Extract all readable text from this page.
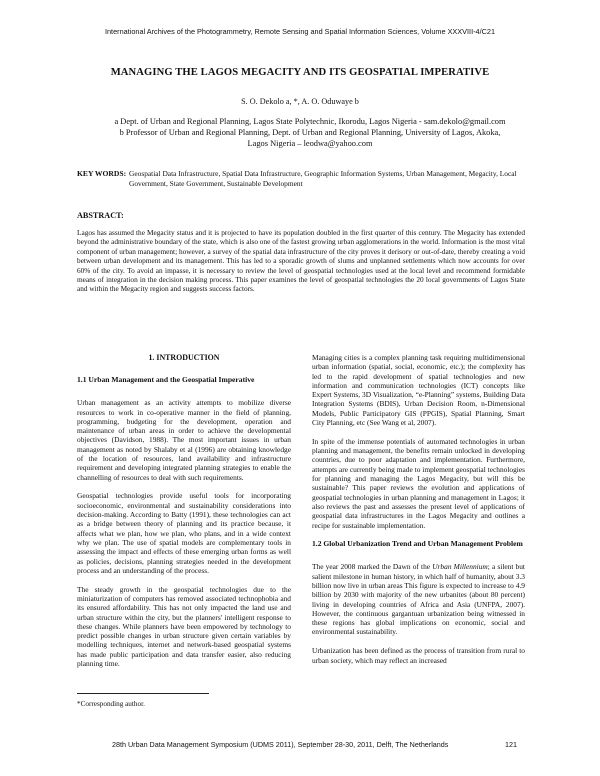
International Archives of the Photogrammetry, Remote Sensing and Spatial Information Sciences, Volume XXXVIII-4/C21
MANAGING THE LAGOS MEGACITY AND ITS GEOSPATIAL IMPERATIVE
S. O. Dekolo a, *, A. O. Oduwaye b
a Dept. of Urban and Regional Planning, Lagos State Polytechnic, Ikorodu, Lagos Nigeria - sam.dekolo@gmail.com
b Professor of Urban and Regional Planning, Dept. of Urban and Regional Planning, University of Lagos, Akoka, Lagos Nigeria – leodwa@yahoo.com
KEY WORDS: Geospatial Data Infrastructure, Spatial Data Infrastructure, Geographic Information Systems, Urban Management, Megacity, Local Government, State Government, Sustainable Development
ABSTRACT:
Lagos has assumed the Megacity status and it is projected to have its population doubled in the first quarter of this century. The Megacity has extended beyond the administrative boundary of the state, which is also one of the fastest growing urban agglomerations in the world. Information is the most vital component of urban management; however, a survey of the spatial data infrastructure of the city proves it derisory or out-of-date, thereby creating a void between urban development and its management. This has led to a sporadic growth of slums and unplanned settlements which now accounts for over 60% of the city. To avoid an impasse, it is necessary to review the level of geospatial technologies used at the local level and recommend formidable means of integration in the decision making process. This paper examines the level of geospatial technologies the 20 local governments of Lagos State and within the Megacity region and suggests success factors.
1. INTRODUCTION
1.1 Urban Management and the Geospatial Imperative

Urban management as an activity attempts to mobilize diverse resources to work in co-operative manner in the field of planning, programming, budgeting for the development, operation and maintenance of urban areas in order to achieve the developmental objectives (Davidson, 1988). The most important issues in urban management as noted by Shalaby et al (1996) are obtaining knowledge of the location of resources, land availability and infrastructure requirement and developing integrated planning strategies to enable the channelling of resources to deal with such requirements.

Geospatial technologies provide useful tools for incorporating socioeconomic, environmental and sustainability considerations into decision-making. According to Batty (1991), these technologies can act as a bridge between theory of planning and its practice because, it affects what we plan, how we plan, who plans, and in a wide context why we plan. The use of spatial models are complementary tools in assessing the impact and effects of these emerging urban forms as well as policies, decisions, planning strategies needed in the development process and an understanding of the process.

The steady growth in the geospatial technologies due to the miniaturization of computers has removed associated technophobia and its ensured affordability. This has not only impacted the land use and urban structure within the city, but the planners' intelligent response to these changes. While planners have been empowered by technology to predict possible changes in urban structure given certain variables by modelling techniques, internet and network-based geospatial systems has made public participation and data transfer easier, also reducing planning time.

Managing cities is a complex planning task requiring multidimensional urban information (spatial, social, economic, etc.); the complexity has led to the rapid development of spatial technologies and new information and communication technologies (ICT) concepts like Expert Systems, 3D Visualization, “e-Planning” systems, Building Data Integration Systems (BDIS), Urban Decision Room, n-Dimensional Models, Public Participatory GIS (PPGIS), Spatial Planning, Smart City Planning, etc (See Wang et al, 2007).

In spite of the immense potentials of automated technologies in urban planning and management, the benefits remain unlocked in developing countries, due to poor adaptation and implementation. Furthermore, attempts are currently being made to implement geospatial technologies for planning and managing the Lagos Megacity, but will this be sustainable? This paper reviews the evolution and applications of geospatial technologies in urban planning and management in Lagos; it also reviews the past and assesses the present level of applications of geospatial data infrastructures in the Lagos Megacity and outlines a recipe for sustainable implementation.

1.2 Global Urbanization Trend and Urban Management Problem

The year 2008 marked the Dawn of the Urban Millennium; a silent but salient milestone in human history, in which half of humanity, about 3.3 billion now live in urban areas This figure is expected to increase to 4.9 billion by 2030 with majority of the new urbanites (about 80 percent) living in developing countries of Africa and Asia (UNFPA, 2007). However, the continuous gargantuan urbanization being witnessed in these regions has global implications on economic, social and environmental sustainability.

Urbanization has been defined as the process of transition from rural to urban society, which may reflect an increased

*Corresponding author.
28th Urban Data Management Symposium (UDMS 2011), September 28-30, 2011, Delft, The Netherlands	121
